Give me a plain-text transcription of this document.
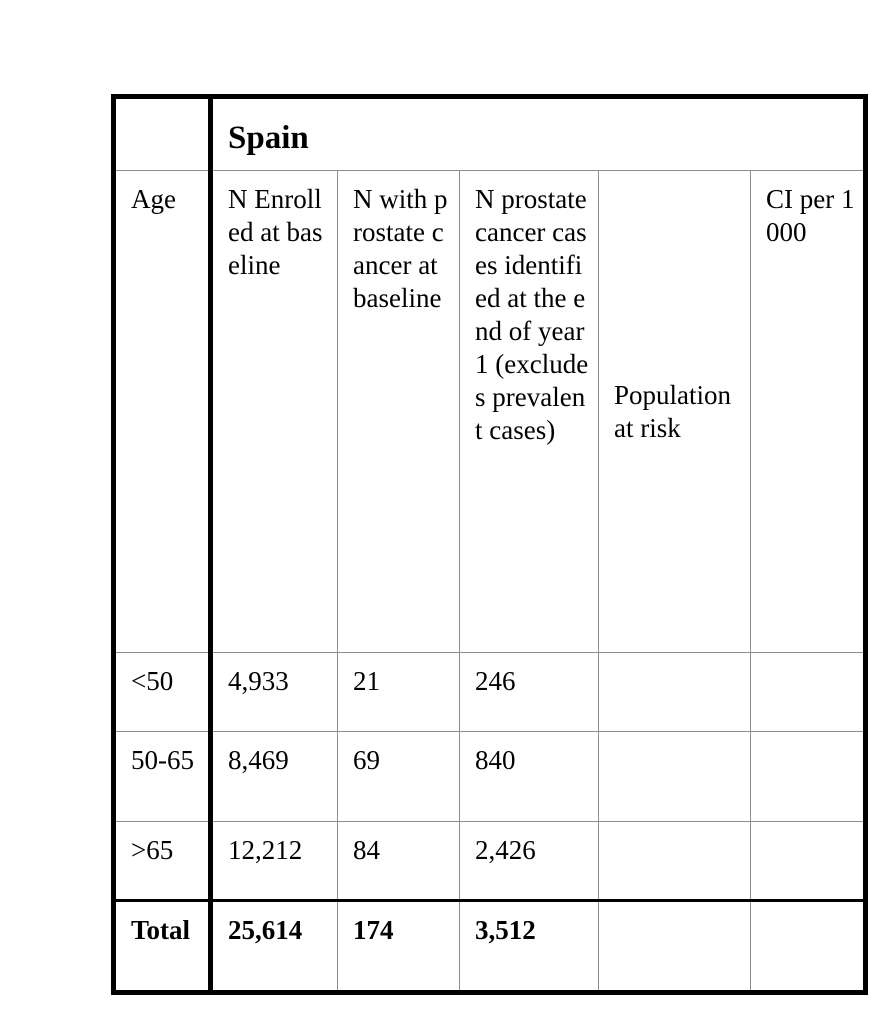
	Spain				
Age	N Enrolled at baseline	N with prostate cancer at baseline	N prostate cancer cases identified at the end of year 1 (excludes prevalent cases)	Population at risk	CI per 1000
<50	4,933	21	246		
50-65	8,469	69	840		
>65	12,212	84	2,426		
Total	25,614	174	3,512		
